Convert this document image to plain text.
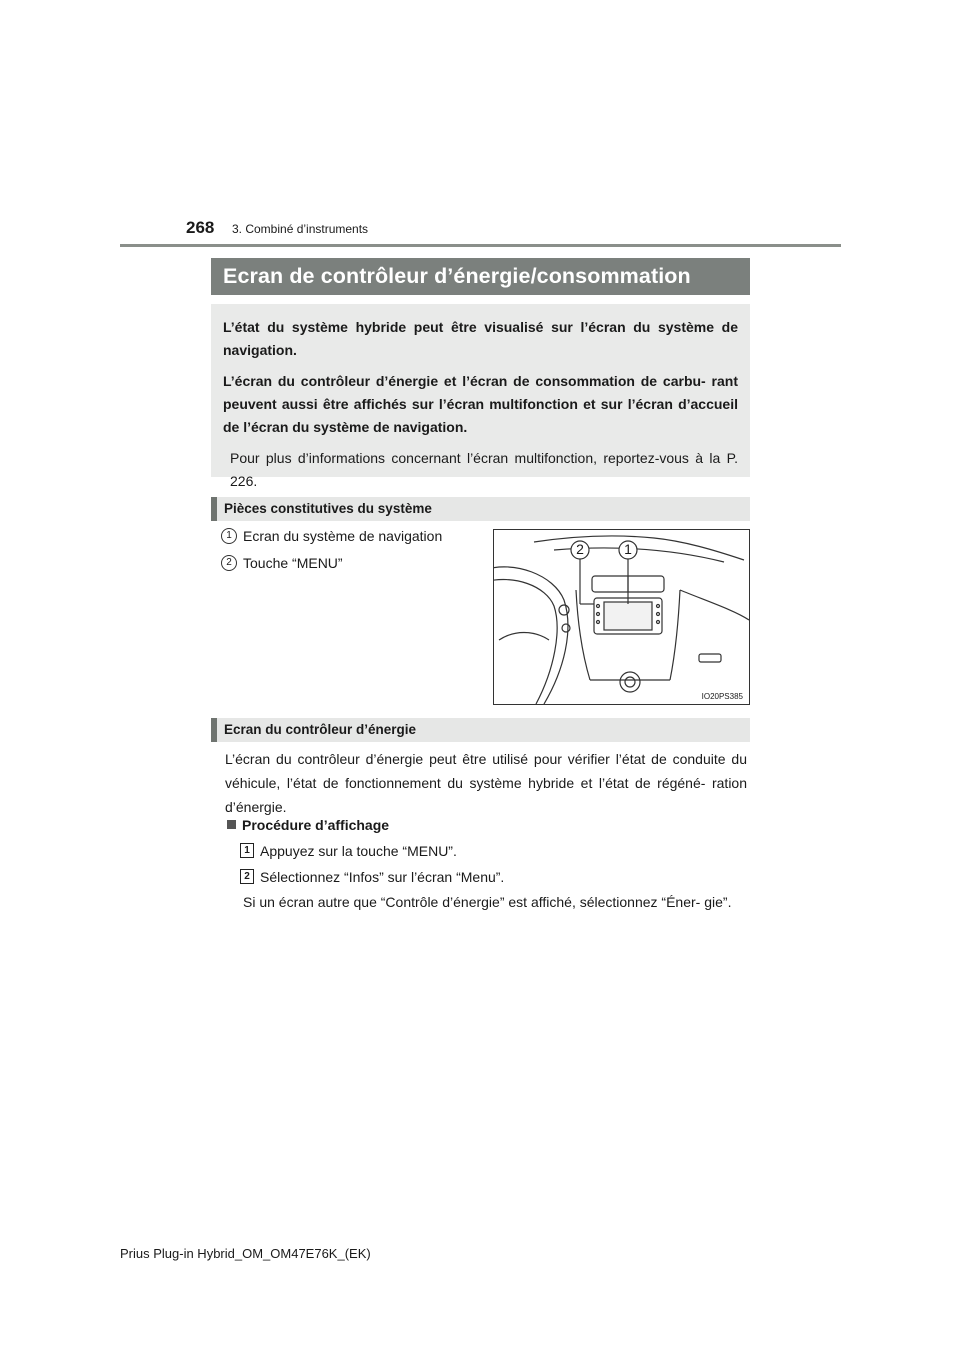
268 3. Combiné d’instruments
Ecran de contrôleur d’énergie/consommation

L’état du système hybride peut être visualisé sur l’écran du système de navigation.

L’écran du contrôleur d’énergie et l’écran de consommation de carbu- rant peuvent aussi être affichés sur l’écran multifonction et sur l’écran d’accueil de l’écran du système de navigation.

Pour plus d’informations concernant l’écran multifonction, reportez-vous à la P. 226.

Pièces constitutives du système
1 Ecran du système de navigation
2 Touche “MENU”
2	1
IO20PS385
Ecran du contrôleur d’énergie
L’écran du contrôleur d’énergie peut être utilisé pour vérifier l’état de conduite du véhicule, l’état de fonctionnement du système hybride et l’état de régéné- ration d’énergie.
Procédure d’affichage
1 Appuyez sur la touche “MENU”.
2 Sélectionnez “Infos” sur l’écran “Menu”.
Si un écran autre que “Contrôle d’énergie” est affiché, sélectionnez “Éner- gie”.
Prius Plug-in Hybrid_OM_OM47E76K_(EK)
